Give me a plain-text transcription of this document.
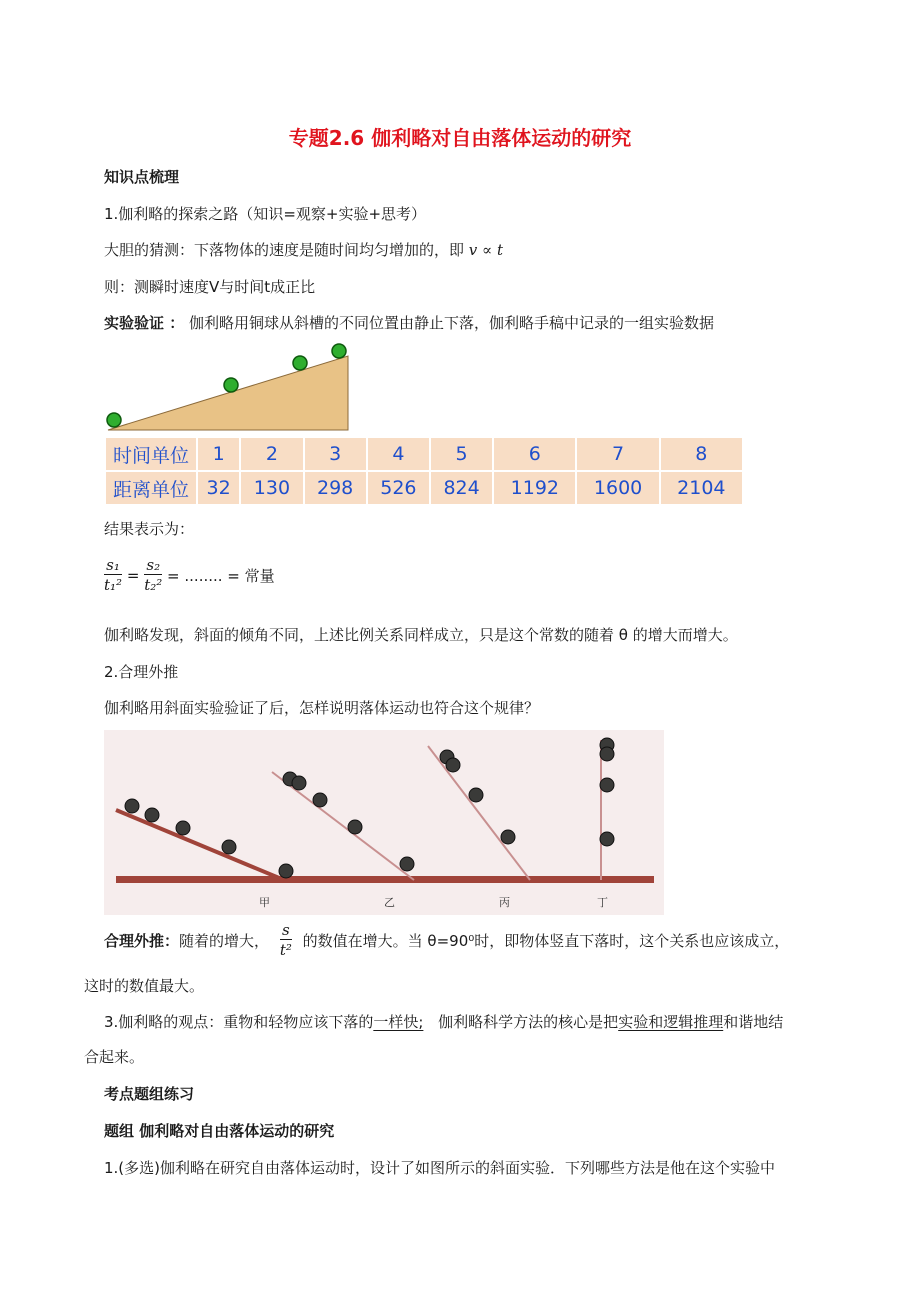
专题2.6 伽利略对自由落体运动的研究
知识点梳理
1.伽利略的探索之路（知识=观察+实验+思考）
大胆的猜测：下落物体的速度是随时间均匀增加的，即 v ∝ t
则：测瞬时速度V与时间t成正比
实验验证 ： 伽利略用铜球从斜槽的不同位置由静止下落，伽利略手稿中记录的一组实验数据
时间单位	1	2	3	4	5	6	7	8
距离单位	32	130	298	526	824	1192	1600	2104
结果表示为：
$\frac{\text{s₁}}{\text{t₁²}} = \frac{\text{s₂}}{\text{t₂²}}$ = ........ = 常量
伽利略发现，斜面的倾角不同，上述比例关系同样成立，只是这个常数的随着 θ 的增大而增大。
2.合理外推
伽利略用斜面实验验证了后，怎样说明落体运动也符合这个规律？
甲	乙	丙	丁
合理外推：随着的增大， $\frac{s}{\text{t²}}$ 的数值在增大。当 θ=90⁰时，即物体竖直下落时，这个关系也应该成立，
这时的数值最大。
3.伽利略的观点：重物和轻物应该下落的一样快; 伽利略科学方法的核心是把实验和逻辑推理和谐地结
合起来。
考点题组练习
题组 伽利略对自由落体运动的研究
1.(多选)伽利略在研究自由落体运动时，设计了如图所示的斜面实验．下列哪些方法是他在这个实验中
